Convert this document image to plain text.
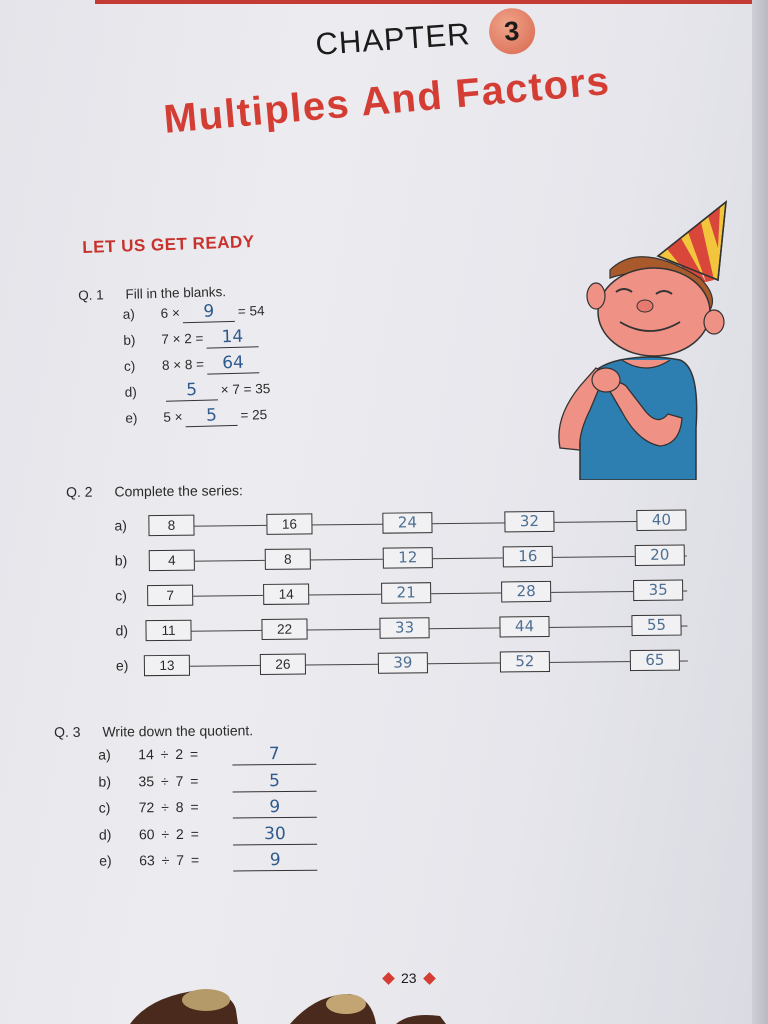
CHAPTER 3
Multiples And Factors
LET US GET READY
Q. 1 Fill in the blanks.
a) 6 × 9 = 54
b) 7 × 2 = 14
c) 8 × 8 = 64
d)	5 × 7 = 35
e) 5 × 5 = 25
Q. 2 Complete the series:
a)	8	16	24	32	40
b)	4	8	12	16	20
c)	7	14	21	28	35
d)	11	22	33	44	55
e)	13	26	39	52	65
Q. 3 Write down the quotient.
a) 14 ÷ 2 =	7
b) 35 ÷ 7 =	5
c) 72 ÷ 8 =	9
d) 60 ÷ 2 =	30
e) 63 ÷ 7 =	9
23
